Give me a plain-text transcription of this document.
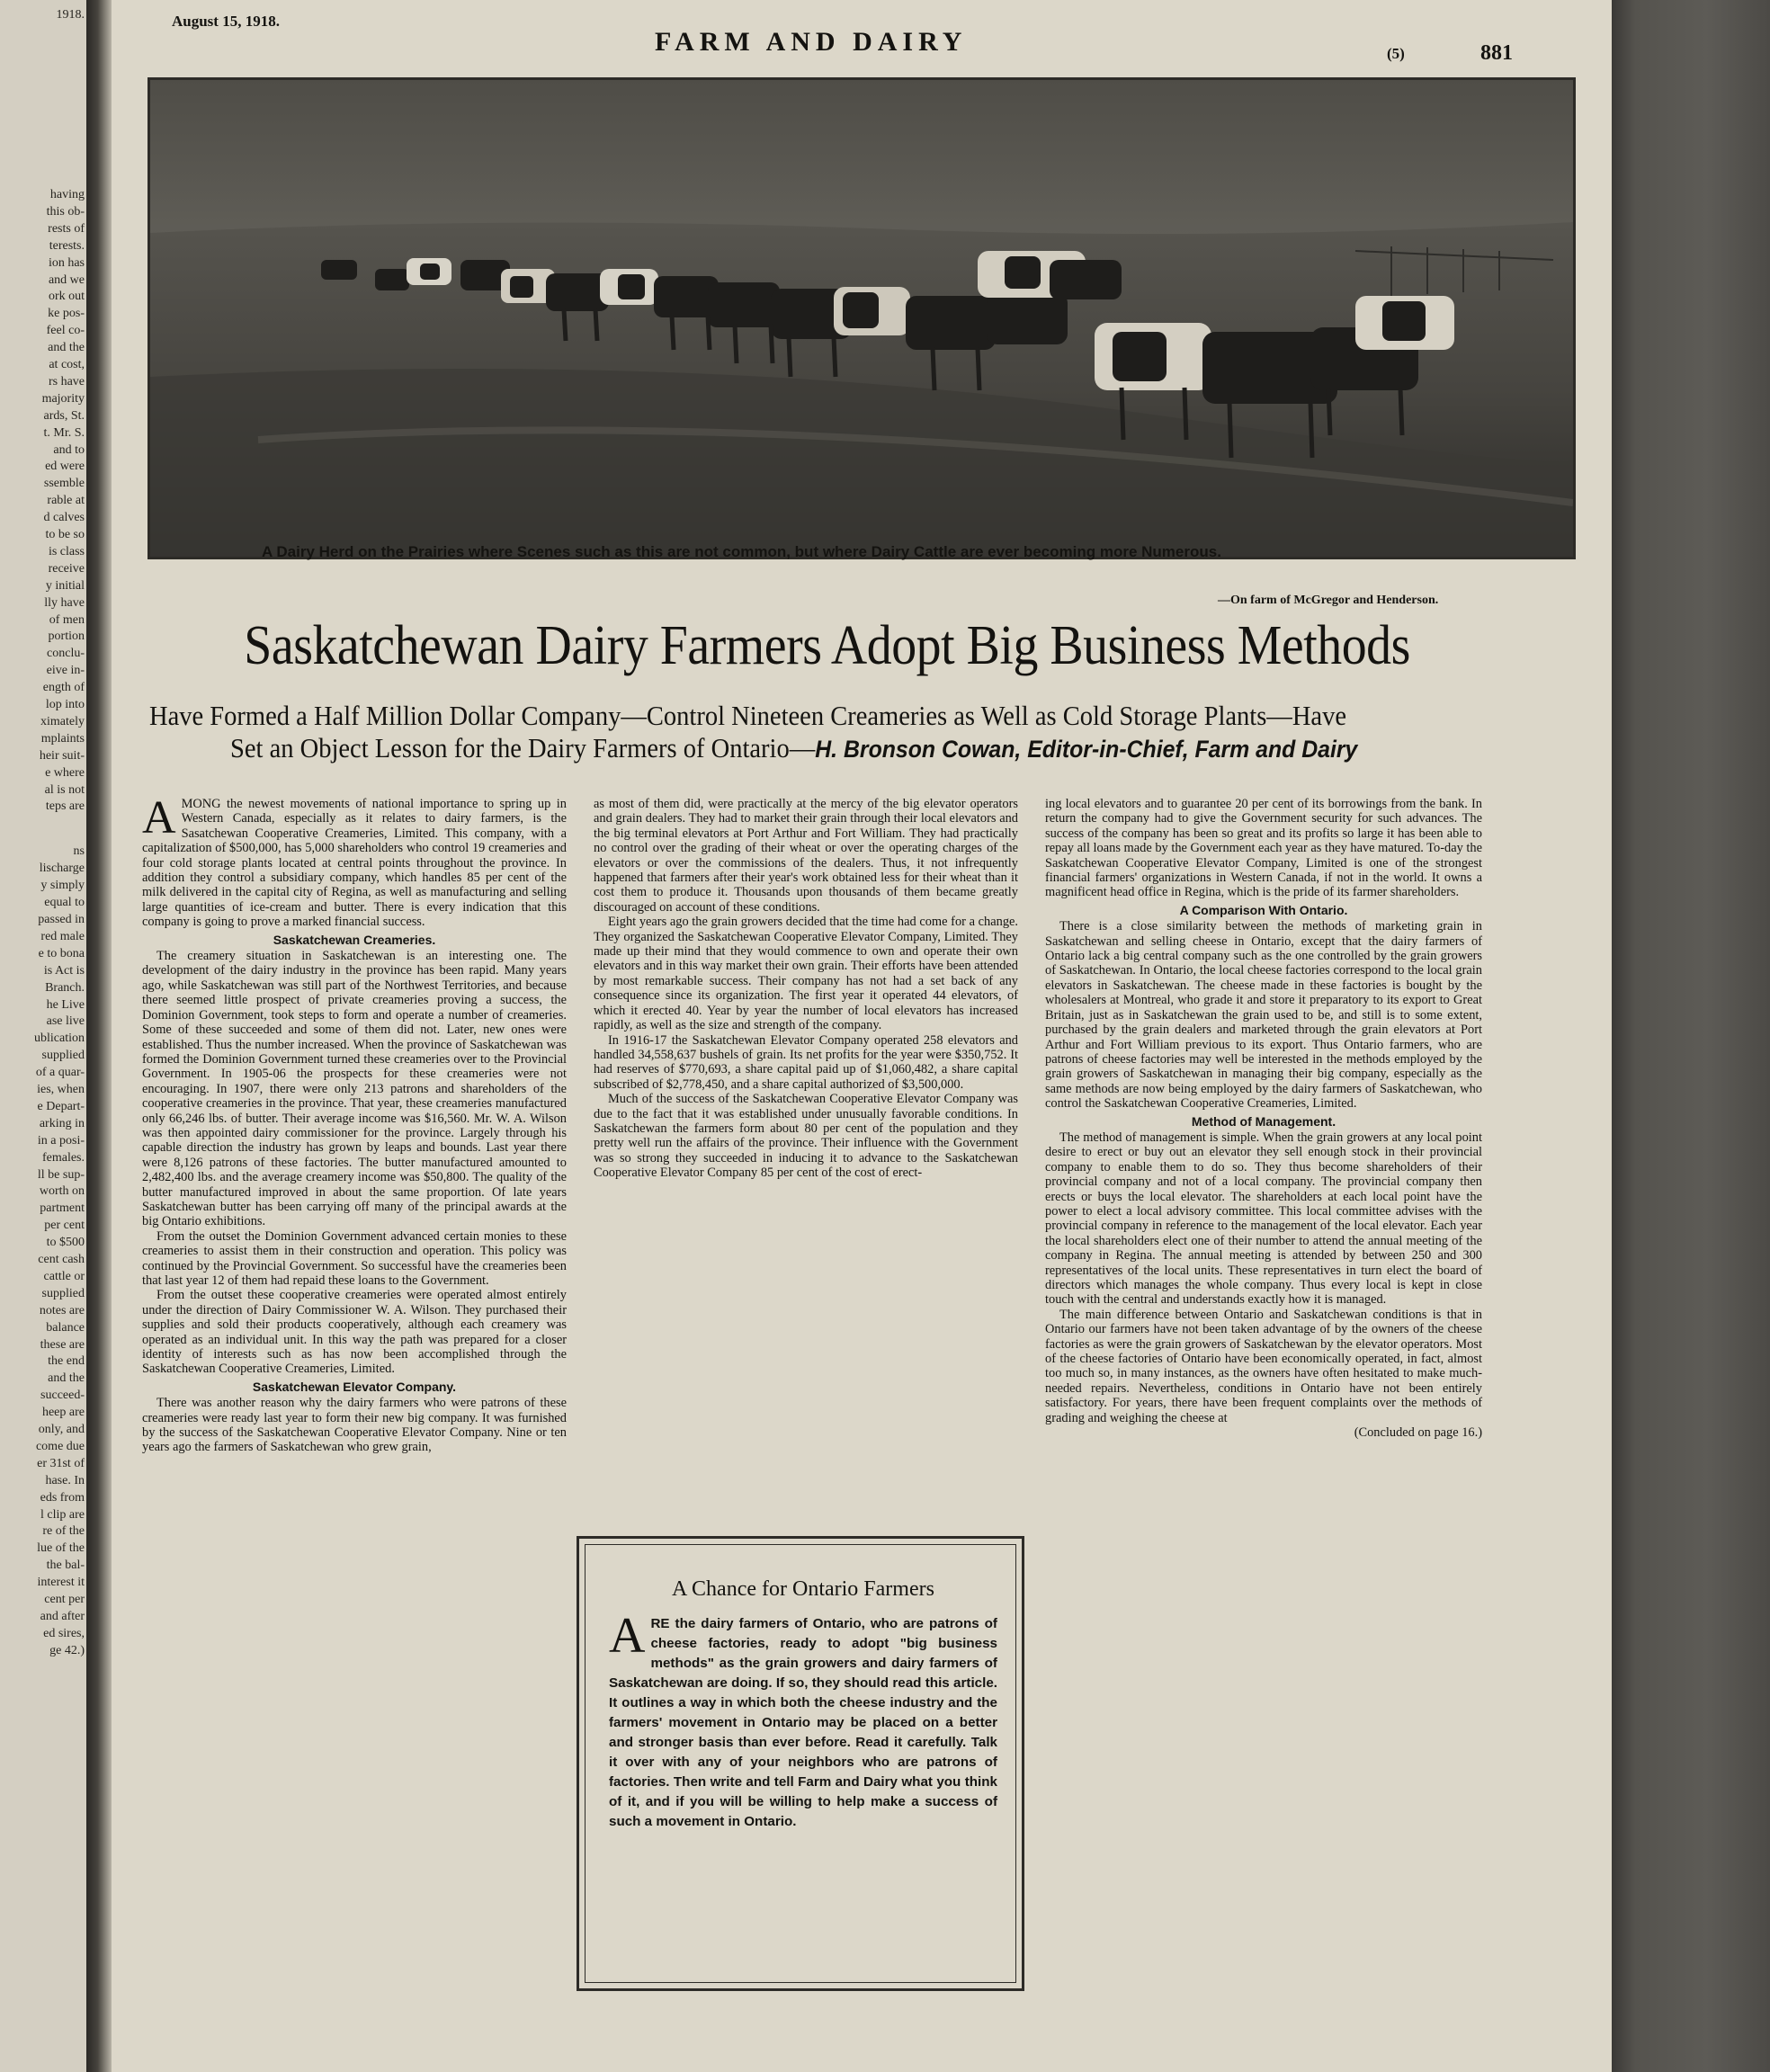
1918.
having
this ob-
rests of
terests.
ion has
and we
ork out
ke pos-
feel co-
and the
at cost,
rs have
majority
ards, St.
t. Mr. S.
and to
ed were
ssemble
rable at
d calves
to be so
is class
receive
y initial
lly have
of men
portion
conclu-
eive in-
ength of
lop into
ximately
mplaints
heir suit-
e where
al is not
teps are
ns
lischarge
y simply
equal to
passed in
red male
e to bona
is Act is
Branch.
he Live
ase live
ublication
supplied
of a quar-
ies, when
e Depart-
arking in
in a posi-
females.
ll be sup-
worth on
partment
per cent
to $500
cent cash
cattle or
supplied
notes are
balance
these are
the end
and the
succeed-
heep are
only, and
come due
er 31st of
hase. In
eds from
l clip are
re of the
lue of the
the bal-
interest it
cent per
and after
ed sires,
ge 42.)
August 15, 1918.
FARM AND DAIRY	(5)	881
A Dairy Herd on the Prairies where Scenes such as this are not common, but where Dairy Cattle are ever becoming more Numerous.
—On farm of McGregor and Henderson.
Saskatchewan Dairy Farmers Adopt Big Business Methods
Have Formed a Half Million Dollar Company—Control Nineteen Creameries as Well as Cold Storage Plants—Have
Set an Object Lesson for the Dairy Farmers of Ontario—H. Bronson Cowan, Editor-in-Chief, Farm and Dairy

AMONG the newest movements of national importance to spring up in Western Canada, especially as it relates to dairy farmers, is the Sasatchewan Cooperative Creameries, Limited. This company, with a capitalization of $500,000, has 5,000 shareholders who control 19 creameries and four cold storage plants located at central points throughout the province. In addition they control a subsidiary company, which handles 85 per cent of the milk delivered in the capital city of Regina, as well as manufacturing and selling large quantities of ice-cream and butter. There is every indication that this company is going to prove a marked financial success.

Saskatchewan Creameries.

The creamery situation in Saskatchewan is an interesting one. The development of the dairy industry in the province has been rapid. Many years ago, while Saskatchewan was still part of the Northwest Territories, and because there seemed little prospect of private creameries proving a success, the Dominion Government, took steps to form and operate a number of creameries. Some of these succeeded and some of them did not. Later, new ones were established. Thus the number increased. When the province of Saskatchewan was formed the Dominion Government turned these creameries over to the Provincial Government. In 1905-06 the prospects for these creameries were not encouraging. In 1907, there were only 213 patrons and shareholders of the cooperative creameries in the province. That year, these creameries manufactured only 66,246 lbs. of butter. Their average income was $16,560. Mr. W. A. Wilson was then appointed dairy commissioner for the province. Largely through his capable direction the industry has grown by leaps and bounds. Last year there were 8,126 patrons of these factories. The butter manufactured amounted to 2,482,400 lbs. and the average creamery income was $50,800. The quality of the butter manufactured improved in about the same proportion. Of late years Saskatchewan butter has been carrying off many of the principal awards at the big Ontario exhibitions.

From the outset the Dominion Government advanced certain monies to these creameries to assist them in their construction and operation. This policy was continued by the Provincial Government. So successful have the creameries been that last year 12 of them had repaid these loans to the Government.

From the outset these cooperative creameries were operated almost entirely under the direction of Dairy Commissioner W. A. Wilson. They purchased their supplies and sold their products cooperatively, although each creamery was operated as an individual unit. In this way the path was prepared for a closer identity of interests such as has now been accomplished through the Saskatchewan Cooperative Creameries, Limited.

Saskatchewan Elevator Company.

There was another reason why the dairy farmers who were patrons of these creameries were ready last year to form their new big company. It was furnished by the success of the Saskatchewan Cooperative Elevator Company. Nine or ten years ago the farmers of Saskatchewan who grew grain,

as most of them did, were practically at the mercy of the big elevator operators and grain dealers. They had to market their grain through their local elevators and the big terminal elevators at Port Arthur and Fort William. They had practically no control over the grading of their wheat or over the operating charges of the elevators or over the commissions of the dealers. Thus, it not infrequently happened that farmers after their year's work obtained less for their wheat than it cost them to produce it. Thousands upon thousands of them became greatly discouraged on account of these conditions.

Eight years ago the grain growers decided that the time had come for a change. They organized the Saskatchewan Cooperative Elevator Company, Limited. They made up their mind that they would commence to own and operate their own elevators and in this way market their own grain. Their efforts have been attended by most remarkable success. Their company has not had a set back of any consequence since its organization. The first year it operated 44 elevators, of which it erected 40. Year by year the number of local elevators has increased rapidly, as well as the size and strength of the company.

In 1916-17 the Saskatchewan Elevator Company operated 258 elevators and handled 34,558,637 bushels of grain. Its net profits for the year were $350,752. It had reserves of $770,693, a share capital paid up of $1,060,482, a share capital subscribed of $2,778,450, and a share capital authorized of $3,500,000.

Much of the success of the Saskatchewan Cooperative Elevator Company was due to the fact that it was established under unusually favorable conditions. In Saskatchewan the farmers form about 80 per cent of the population and they pretty well run the affairs of the province. Their influence with the Government was so strong they succeeded in inducing it to advance to the Saskatchewan Cooperative Elevator Company 85 per cent of the cost of erect-

A Chance for Ontario Farmers
ARE the dairy farmers of Ontario, who are patrons of cheese factories, ready to adopt "big business methods" as the grain growers and dairy farmers of Saskatchewan are doing. If so, they should read this article. It outlines a way in which both the cheese industry and the farmers' movement in Ontario may be placed on a better and stronger basis than ever before. Read it carefully. Talk it over with any of your neighbors who are patrons of factories. Then write and tell Farm and Dairy what you think of it, and if you will be willing to help make a success of such a movement in Ontario.

ing local elevators and to guarantee 20 per cent of its borrowings from the bank. In return the company had to give the Government security for such advances. The success of the company has been so great and its profits so large it has been able to repay all loans made by the Government each year as they have matured. To-day the Saskatchewan Cooperative Elevator Company, Limited is one of the strongest financial farmers' organizations in Western Canada, if not in the world. It owns a magnificent head office in Regina, which is the pride of its farmer shareholders.

A Comparison With Ontario.

There is a close similarity between the methods of marketing grain in Saskatchewan and selling cheese in Ontario, except that the dairy farmers of Ontario lack a big central company such as the one controlled by the grain growers of Saskatchewan. In Ontario, the local cheese factories correspond to the local grain elevators in Saskatchewan. The cheese made in these factories is bought by the wholesalers at Montreal, who grade it and store it preparatory to its export to Great Britain, just as in Saskatchewan the grain used to be, and still is to some extent, purchased by the grain dealers and marketed through the grain elevators at Port Arthur and Fort William previous to its export. Thus Ontario farmers, who are patrons of cheese factories may well be interested in the methods employed by the grain growers of Saskatchewan in managing their big company, especially as the same methods are now being employed by the dairy farmers of Saskatchewan, who control the Saskatchewan Cooperative Creameries, Limited.

Method of Management.

The method of management is simple. When the grain growers at any local point desire to erect or buy out an elevator they sell enough stock in their provincial company to enable them to do so. They thus become shareholders of their provincial company and not of a local company. The provincial company then erects or buys the local elevator. The shareholders at each local point have the power to elect a local advisory committee. This local committee advises with the provincial company in reference to the management of the local elevator. Each year the local shareholders elect one of their number to attend the annual meeting of the company in Regina. The annual meeting is attended by between 250 and 300 representatives of the local units. These representatives in turn elect the board of directors which manages the whole company. Thus every local is kept in close touch with the central and understands exactly how it is managed.

The main difference between Ontario and Saskatchewan conditions is that in Ontario our farmers have not been taken advantage of by the owners of the cheese factories as were the grain growers of Saskatchewan by the elevator operators. Most of the cheese factories of Ontario have been economically operated, in fact, almost too much so, in many instances, as the owners have often hesitated to make much-needed repairs. Nevertheless, conditions in Ontario have not been entirely satisfactory. For years, there have been frequent complaints over the methods of grading and weighing the cheese at

(Concluded on page 16.)
